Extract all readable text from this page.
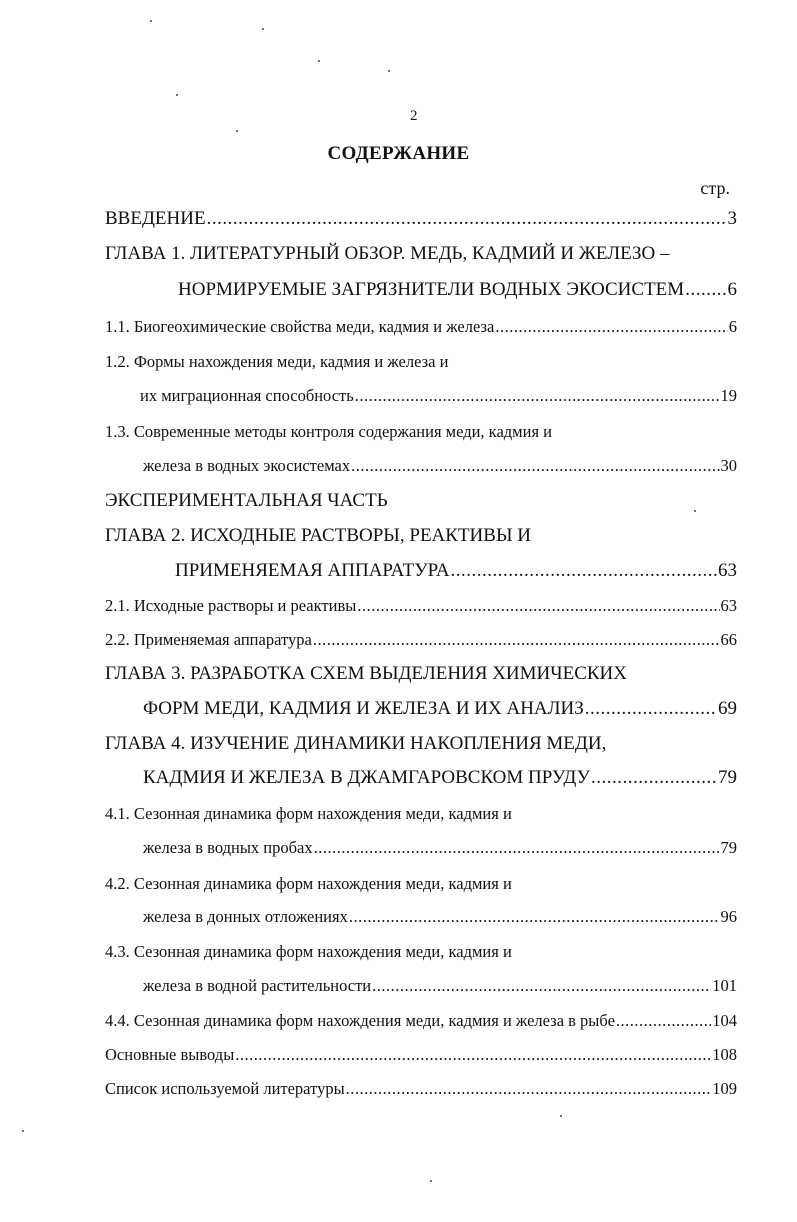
2
СОДЕРЖАНИЕ
стр.
ВВЕДЕНИЕ .....	3
ГЛАВА 1. ЛИТЕРАТУРНЫЙ ОБЗОР. МЕДЬ, КАДМИЙ И ЖЕЛЕЗО –
НОРМИРУЕМЫЕ ЗАГРЯЗНИТЕЛИ ВОДНЫХ ЭКОСИСТЕМ ..... 6
1.1. Биогеохимические свойства меди, кадмия и железа .....	6
1.2. Формы нахождения меди, кадмия и железа и
их миграционная способность .....	19
1.3. Современные методы контроля содержания меди, кадмия и
железа в водных экосистемах .....	30
ЭКСПЕРИМЕНТАЛЬНАЯ ЧАСТЬ
ГЛАВА 2. ИСХОДНЫЕ РАСТВОРЫ, РЕАКТИВЫ И
ПРИМЕНЯЕМАЯ АППАРАТУРА .....	63
2.1. Исходные растворы и реактивы .....	63
2.2. Применяемая аппаратура .....	66
ГЛАВА 3. РАЗРАБОТКА СХЕМ ВЫДЕЛЕНИЯ ХИМИЧЕСКИХ
ФОРМ МЕДИ, КАДМИЯ И ЖЕЛЕЗА И ИХ АНАЛИЗ .....	69
ГЛАВА 4. ИЗУЧЕНИЕ ДИНАМИКИ НАКОПЛЕНИЯ МЕДИ,
КАДМИЯ И ЖЕЛЕЗА В ДЖАМГАРОВСКОМ ПРУДУ .....	79
4.1. Сезонная динамика форм нахождения меди, кадмия и
железа в водных пробах .....	79
4.2. Сезонная динамика форм нахождения меди, кадмия и
железа в донных отложениях .....	96
4.3. Сезонная динамика форм нахождения меди, кадмия и
железа в водной растительности .....	101
4.4. Сезонная динамика форм нахождения меди, кадмия и железа в рыбе .....	104
Основные выводы .....	108
Список используемой литературы .....	109
